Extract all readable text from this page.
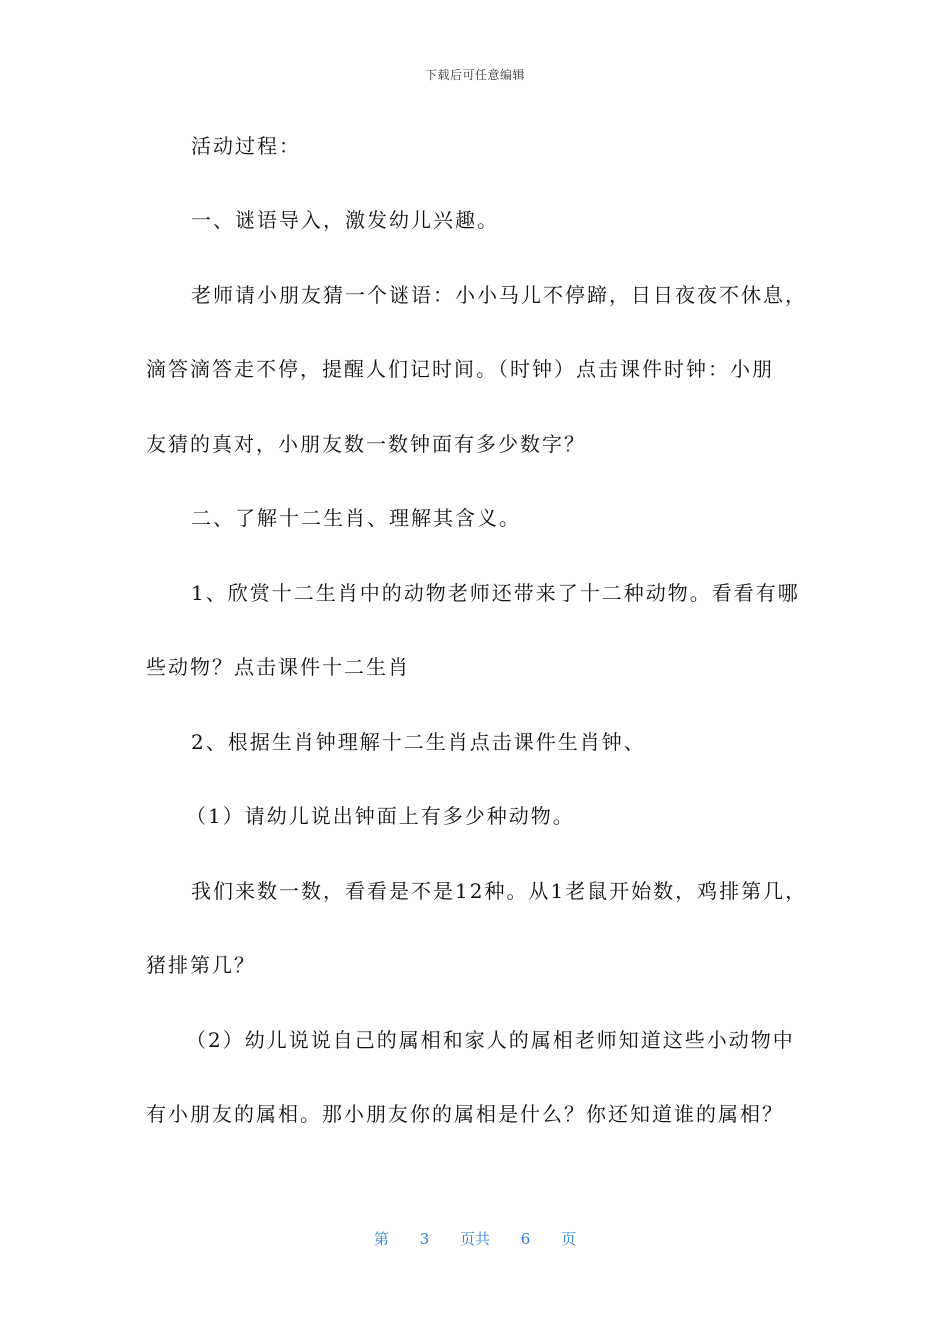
下载后可任意编辑
活动过程：
一、谜语导入，激发幼儿兴趣。
老师请小朋友猜一个谜语：小小马儿不停蹄，日日夜夜不休息，
滴答滴答走不停，提醒人们记时间。（时钟）点击课件时钟：小朋
友猜的真对，小朋友数一数钟面有多少数字？
二、了解十二生肖、理解其含义。
1、欣赏十二生肖中的动物老师还带来了十二种动物。看看有哪
些动物？点击课件十二生肖
2、根据生肖钟理解十二生肖点击课件生肖钟、
（1）请幼儿说出钟面上有多少种动物。
我们来数一数，看看是不是12种。从1老鼠开始数，鸡排第几，
猪排第几？
（2）幼儿说说自己的属相和家人的属相老师知道这些小动物中
有小朋友的属相。那小朋友你的属相是什么？你还知道谁的属相？
第 3 页共 6 页
